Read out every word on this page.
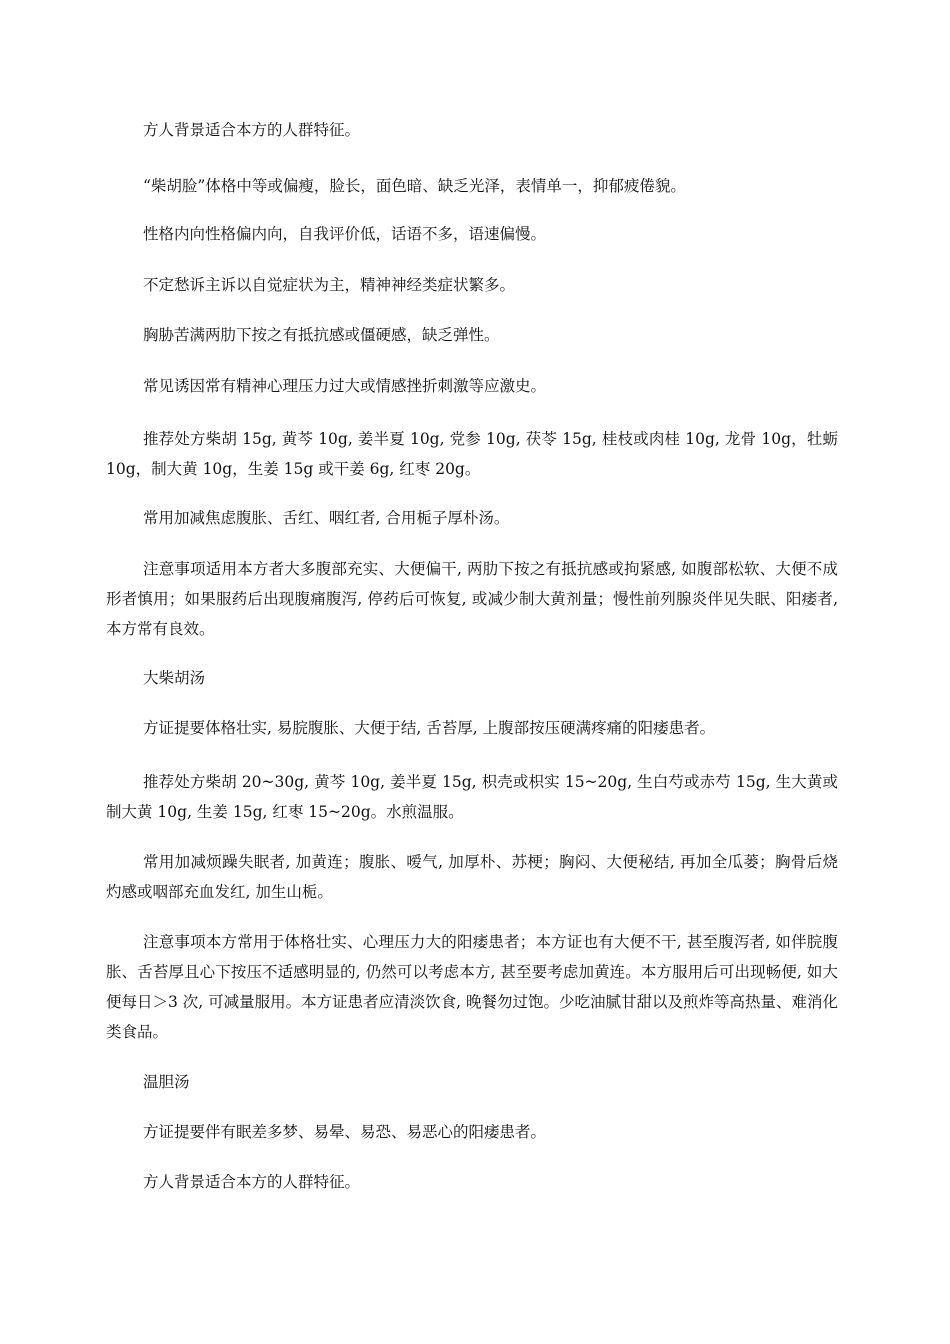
方人背景适合本方的人群特征。

“柴胡脸”体格中等或偏瘦，脸长，面色暗、缺乏光泽，表情单一，抑郁疲倦貌。

性格内向性格偏内向，自我评价低，话语不多，语速偏慢。

不定愁诉主诉以自觉症状为主，精神神经类症状繁多。

胸胁苦满两肋下按之有抵抗感或僵硬感，缺乏弹性。

常见诱因常有精神心理压力过大或情感挫折刺激等应激史。

推荐处方柴胡 15g, 黄芩 10g, 姜半夏 10g, 党参 10g, 茯苓 15g, 桂枝或肉桂 10g, 龙骨 10g，牡蛎 10g，制大黄 10g，生姜 15g 或干姜 6g, 红枣 20g。

常用加减焦虑腹胀、舌红、咽红者, 合用栀子厚朴汤。

注意事项适用本方者大多腹部充实、大便偏干, 两肋下按之有抵抗感或拘紧感, 如腹部松软、大便不成形者慎用；如果服药后出现腹痛腹泻, 停药后可恢复, 或减少制大黄剂量；慢性前列腺炎伴见失眠、阳痿者, 本方常有良效。

大柴胡汤

方证提要体格壮实, 易脘腹胀、大便于结, 舌苔厚, 上腹部按压硬满疼痛的阳痿患者。

推荐处方柴胡 20~30g, 黄芩 10g, 姜半夏 15g, 枳壳或枳实 15~20g, 生白芍或赤芍 15g, 生大黄或制大黄 10g, 生姜 15g, 红枣 15~20g。水煎温服。

常用加减烦躁失眠者, 加黄连；腹胀、嗳气, 加厚朴、苏梗；胸闷、大便秘结, 再加全瓜蒌；胸骨后烧灼感或咽部充血发红, 加生山栀。

注意事项本方常用于体格壮实、心理压力大的阳痿患者；本方证也有大便不干, 甚至腹泻者, 如伴脘腹胀、舌苔厚且心下按压不适感明显的, 仍然可以考虑本方, 甚至要考虑加黄连。本方服用后可出现畅便, 如大便每日＞3 次, 可减量服用。本方证患者应清淡饮食, 晚餐勿过饱。少吃油腻甘甜以及煎炸等高热量、难消化类食品。

温胆汤

方证提要伴有眠差多梦、易晕、易恐、易恶心的阳痿患者。

方人背景适合本方的人群特征。
